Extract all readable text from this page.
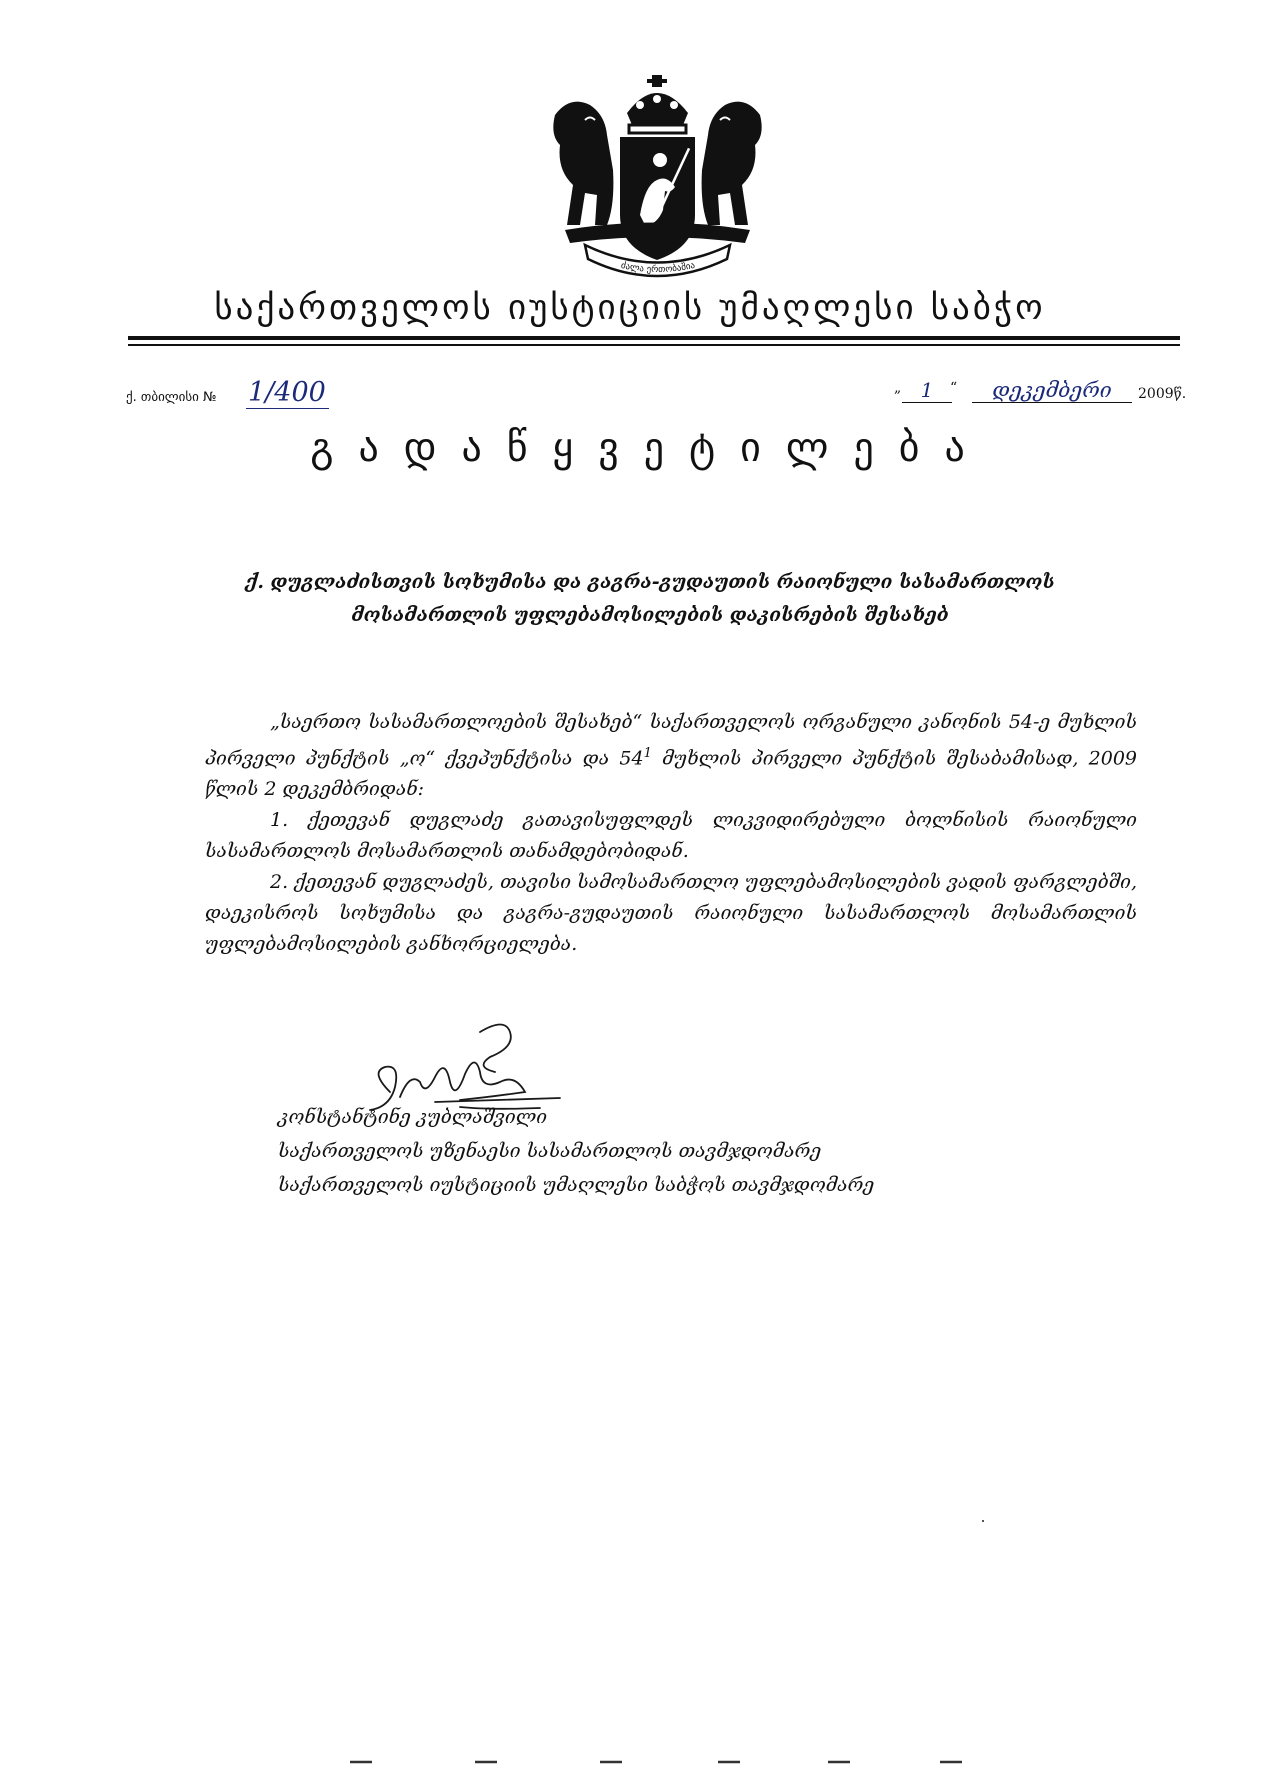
ძალა ერთობაშია
საქართველოს იუსტიციის უმაღლესი საბჭო
ქ. თბილისი № 1/400	„ 1	“	დეკემბერი	2009წ.
გადაწყვეტილება
ქ. დუგლაძისთვის სოხუმისა და გაგრა-გუდაუთის რაიონული სასამართლოს
მოსამართლის უფლებამოსილების დაკისრების შესახებ

„საერთო სასამართლოების შესახებ“ საქართველოს ორგანული კანონის 54-ე მუხლის პირველი პუნქტის „ო“ ქვეპუნქტისა და $54^1$ მუხლის პირველი პუნქტის შესაბამისად, 2009 წლის 2 დეკემბრიდან:

1. ქეთევან დუგლაძე გათავისუფლდეს ლიკვიდირებული ბოლნისის რაიონული სასამართლოს მოსამართლის თანამდებობიდან.

2. ქეთევან დუგლაძეს, თავისი სამოსამართლო უფლებამოსილების ვადის ფარგლებში, დაეკისროს სოხუმისა და გაგრა-გუდაუთის რაიონული სასამართლოს მოსამართლის უფლებამოსილების განხორციელება.

კონსტანტინე კუბლაშვილი
საქართველოს უზენაესი სასამართლოს თავმჯდომარე
საქართველოს იუსტიციის უმაღლესი საბჭოს თავმჯდომარე
